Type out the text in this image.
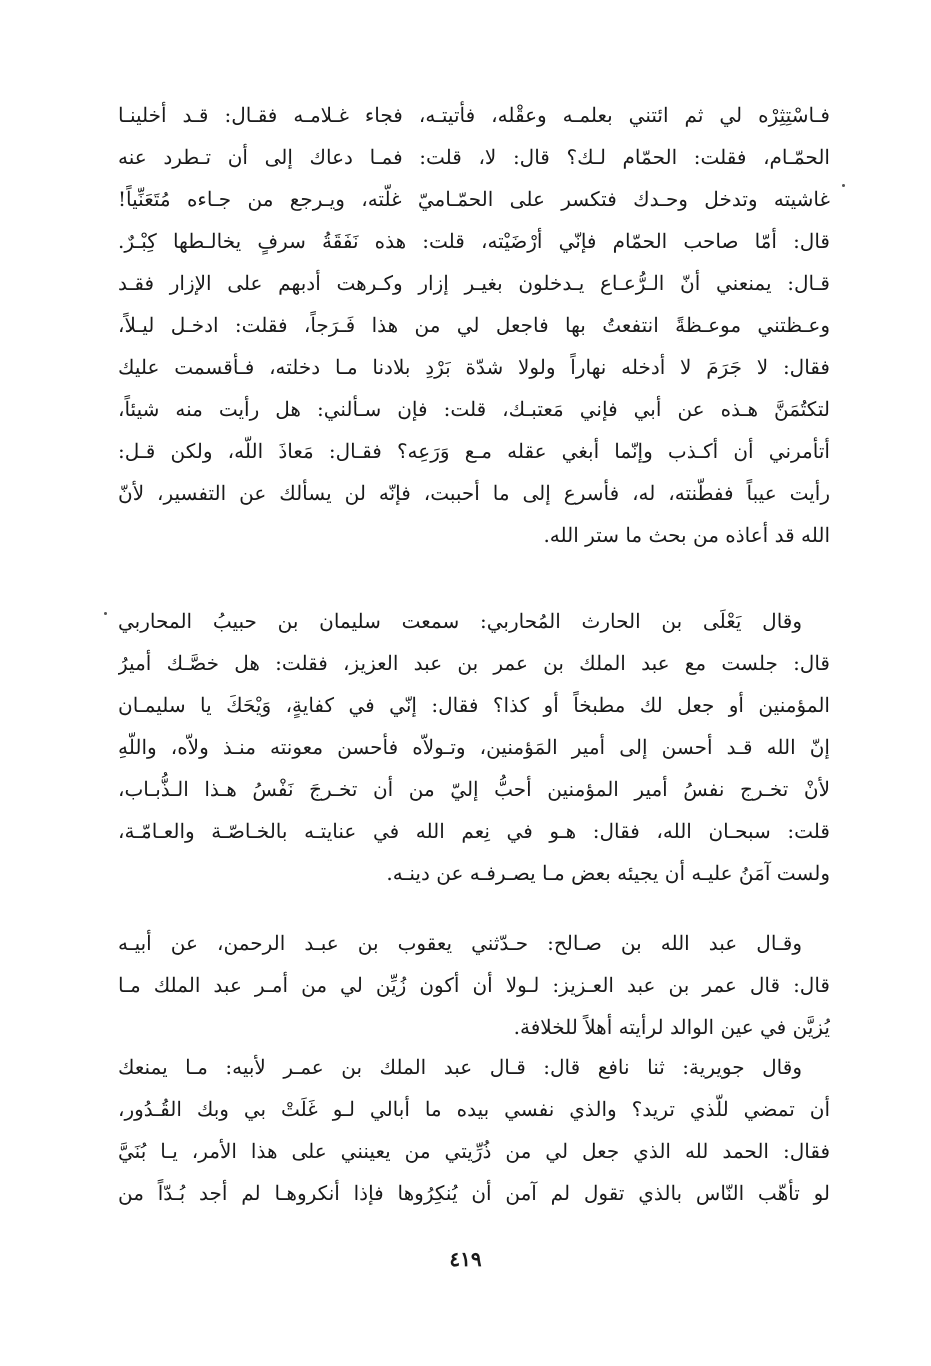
فـاسْتِثِرْه لي ثم ائتني بعلمـه وعقْله، فأتيتـه، فجاء غـلامـه فقـال: قـد أخلينـا
الحمّـام، فقلت: الحمّام لـك؟ قال: لا، قلت: فمـا دعاك إلى أن تـطرد عنه
غاشيته وتدخل وحـدك فتكسر على الحمّـاميّ غلّته، ويـرجع من جـاءه مُتَعَنِّياً!
قال: أمّا صاحب الحمّام فإنّي أرْضَيْته، قلت: هذه نَفَقَةُ سرفٍ يخالـطها كِبْـرٌ.
قـال: يمنعني أنّ الـرُّعـاع يـدخلون بغيـر إزار وكـرهت أدبهم على الإزار فقـد
وعـظتني موعـظةً انتفعتُ بها فاجعل لي من هذا فَـرَجاً، فقلت: ادخـل ليـلاً،
فقال: لا جَرَمَ لا أدخله نهاراً ولولا شدّة بَرْدِ بلادنا مـا دخلته، فـأقسمت عليك
لتكتُمَنَّ هـذه عن أبي فإني مَعتبـك، قلت: فإن سـألني: هل رأيت منه شيئاً،
أتأمرني أن أكـذب وإنّما أبغي عقله مـع وَرَعِه؟ فقـال: مَعاذَ اللّه، ولكن قـل:
رأيت عيباً ففطّنته، له، فأسرع إلى ما أحببت، فإنّه لن يسألك عن التفسير، لأنّ
الله قد أعاذه من بحث ما ستر الله.
وقال يَعْلَى بن الحارث المُحاربي: سمعت سليمان بن حبيبُ المحاربي
قال: جلست مع عبد الملك بن عمر بن عبد العزيز، فقلت: هل خصَّـك أميرُ
المؤمنين أو جعل لك مطبخاً أو كذا؟ فقال: إنّي في كفايةٍ، وَيْحَكَ يا سليمـان
إنّ الله قـد أحسن إلى أمير المَؤمنين، وتـولاّه فأحسن معونته منـذ ولاّه، واللّهِ
لأنْ تخـرج نفسُ أمير المؤمنين أحبُّ إليّ من أن تخـرجَ نَفْسُ هـذا الـذُّبـاب،
قلت: سبحـان الله، فقال: هـو في نِعم الله في عنايتـه بالخـاصّـة والعـامّـة،
ولست آمَنُ عليـه أن يجيئه بعض مـا يصـرفـه عن دينـه.
وقـال عبد الله بن صـالح: حـدّثني يعقوب بن عبـد الرحمن، عن أبيـه
قال: قال عمر بن عبد العـزيز: لـولا أن أكون زُيِّن لي من أمـر عبد الملك مـا
يُزيَّن في عين الوالد لرأيته أهلاً للخلافة.
وقال جويرية: ثنا نافع قال: قـال عبد الملك بن عمـر لأبيه: مـا يمنعك
أن تمضي للّذي تريد؟ والذي نفسي بيده ما أبالي لـو غَلَتْ بي وبك القُـدُور،
فقال: الحمد لله الذي جعل لي من ذُرِّيتي من يعينني على هذا الأمر، يـا بُنَيَّ
لو تأهّب النّاس بالذي تقول لم آمن أن يُنكِرُوها فإذا أنكروهـا لم أجد بُـدّاً من
٤١٩
